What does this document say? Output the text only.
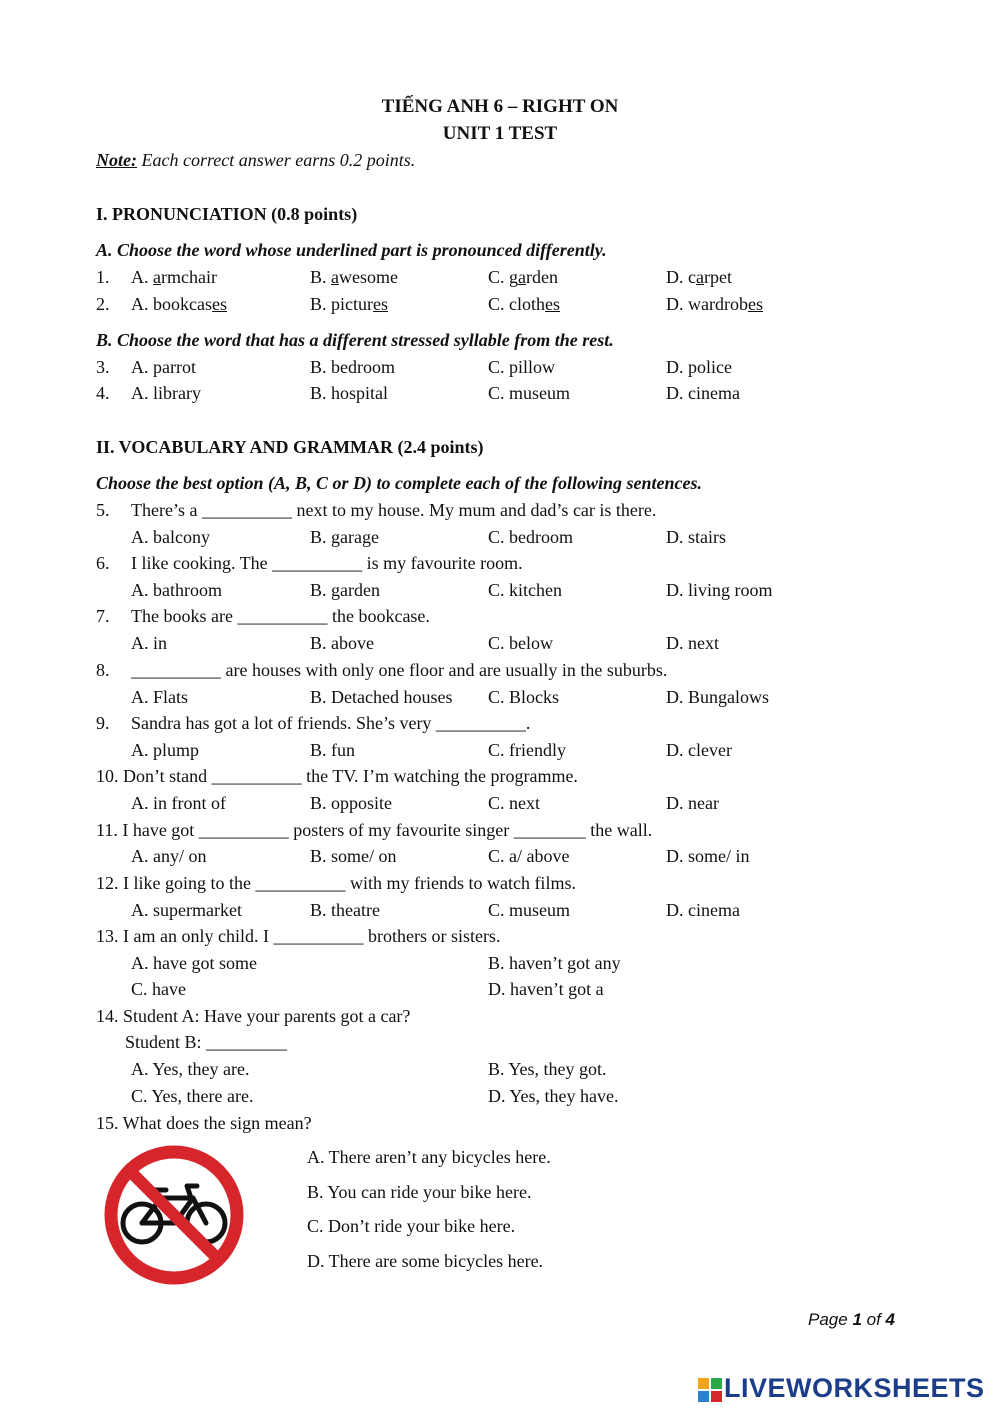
TIẾNG ANH 6 – RIGHT ON
UNIT 1 TEST
Note: Each correct answer earns 0.2 points.
I. PRONUNCIATION (0.8 points)
A. Choose the word whose underlined part is pronounced differently.
1. A. armchair	B. awesome	C. garden	D. carpet
2. A. bookcases	B. pictures	C. clothes	D. wardrobes
B. Choose the word that has a different stressed syllable from the rest.
3. A. parrot	B. bedroom	C. pillow	D. police
4. A. library	B. hospital	C. museum	D. cinema
II. VOCABULARY AND GRAMMAR (2.4 points)
Choose the best option (A, B, C or D) to complete each of the following sentences.
5. There’s a __________ next to my house. My mum and dad’s car is there.
A. balcony	B. garage	C. bedroom	D. stairs
6. I like cooking. The __________ is my favourite room.
A. bathroom	B. garden	C. kitchen	D. living room
7. The books are __________ the bookcase.
A. in	B. above	C. below	D. next
8. __________ are houses with only one floor and are usually in the suburbs.
A. Flats	B. Detached houses C. Blocks	D. Bungalows
9. Sandra has got a lot of friends. She’s very __________.
A. plump	B. fun	C. friendly	D. clever
10. Don’t stand __________ the TV. I’m watching the programme.
A. in front of	B. opposite	C. next	D. near
11. I have got __________ posters of my favourite singer ________ the wall.
A. any/ on	B. some/ on	C. a/ above	D. some/ in
12. I like going to the __________ with my friends to watch films.
A. supermarket	B. theatre	C. museum	D. cinema
13. I am an only child. I __________ brothers or sisters.
A. have got some	B. haven’t got any
C. have	D. haven’t got a
14. Student A: Have your parents got a car?
Student B: _________
A. Yes, they are.	B. Yes, they got.
C. Yes, there are.	D. Yes, they have.
15. What does the sign mean?
A. There aren’t any bicycles here.
B. You can ride your bike here.
C. Don’t ride your bike here.
D. There are some bicycles here.
Page 1 of 4
LIVEWORKSHEETS
